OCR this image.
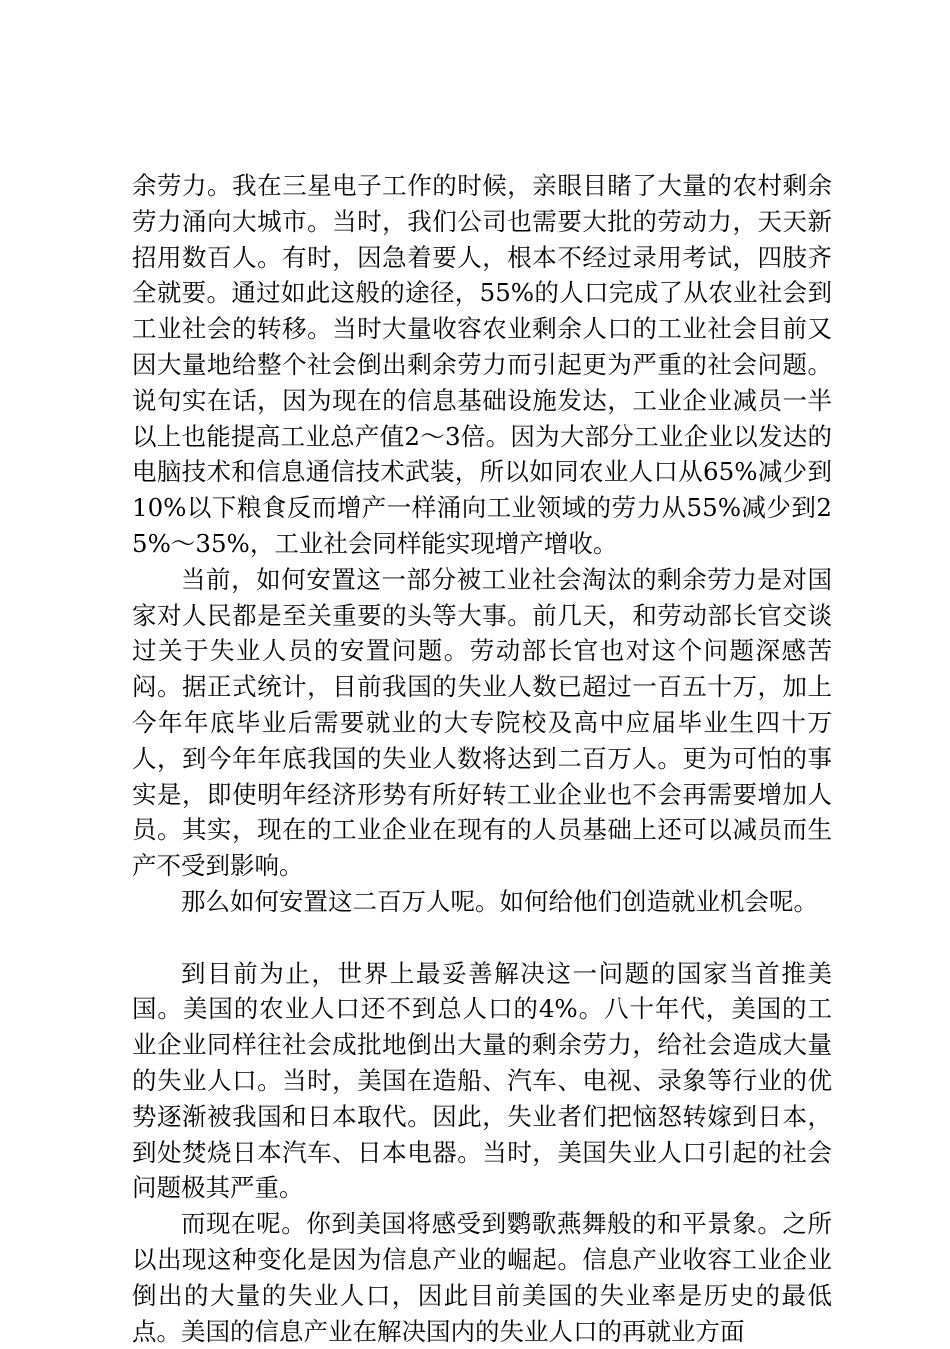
余劳力。我在三星电子工作的时候，亲眼目睹了大量的农村剩余劳力涌向大城市。当时，我们公司也需要大批的劳动力，天天新招用数百人。有时，因急着要人，根本不经过录用考试，四肢齐全就要。通过如此这般的途径，55%的人口完成了从农业社会到工业社会的转移。当时大量收容农业剩余人口的工业社会目前又因大量地给整个社会倒出剩余劳力而引起更为严重的社会问题。说句实在话，因为现在的信息基础设施发达，工业企业减员一半以上也能提高工业总产值2～3倍。因为大部分工业企业以发达的电脑技术和信息通信技术武装，所以如同农业人口从65%减少到10%以下粮食反而增产一样涌向工业领域的劳力从55%减少到25%～35%，工业社会同样能实现增产增收。

当前，如何安置这一部分被工业社会淘汰的剩余劳力是对国家对人民都是至关重要的头等大事。前几天，和劳动部长官交谈过关于失业人员的安置问题。劳动部长官也对这个问题深感苦闷。据正式统计，目前我国的失业人数已超过一百五十万，加上今年年底毕业后需要就业的大专院校及高中应届毕业生四十万人，到今年年底我国的失业人数将达到二百万人。更为可怕的事实是，即使明年经济形势有所好转工业企业也不会再需要增加人员。其实，现在的工业企业在现有的人员基础上还可以减员而生产不受到影响。

那么如何安置这二百万人呢。如何给他们创造就业机会呢。

到目前为止，世界上最妥善解决这一问题的国家当首推美国。美国的农业人口还不到总人口的4%。八十年代，美国的工业企业同样往社会成批地倒出大量的剩余劳力，给社会造成大量的失业人口。当时，美国在造船、汽车、电视、录象等行业的优势逐渐被我国和日本取代。因此，失业者们把恼怒转嫁到日本，到处焚烧日本汽车、日本电器。当时，美国失业人口引起的社会问题极其严重。

而现在呢。你到美国将感受到鹦歌燕舞般的和平景象。之所以出现这种变化是因为信息产业的崛起。信息产业收容工业企业倒出的大量的失业人口，因此目前美国的失业率是历史的最低点。美国的信息产业在解决国内的失业人口的再就业方面
